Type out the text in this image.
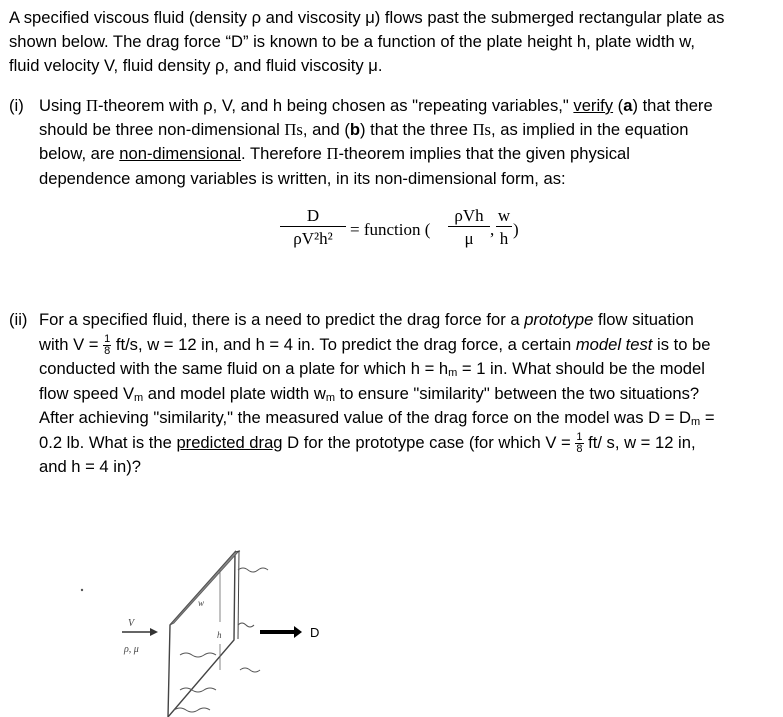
A specified viscous fluid (density ρ and viscosity μ) flows past the submerged rectangular plate as
shown below. The drag force “D” is known to be a function of the plate height h, plate width w,
fluid velocity V, fluid density ρ, and fluid viscosity μ.
(i) Using Π-theorem with ρ, V, and h being chosen as "repeating variables," verify (a) that there
should be three non-dimensional Πs, and (b) that the three Πs, as implied in the equation
below, are non-dimensional. Therefore Π-theorem implies that the given physical
dependence among variables is written, in its non-dimensional form, as:
$\frac{D}{\text{ρV²h²}}$ = function (
ρVh
μ , $\frac{w}{h}$ )
(ii) For a specified fluid, there is a need to predict the drag force for a prototype flow situation
with $V = \frac{1}{8} ft/s$, w = 12 in, and h = 4 in. To predict the drag force, a certain model test is to be
conducted with the same fluid on a plate for which $h = h_m = 1$ in. What should be the model
flow speed $V_m$ and model plate width $w_m$ to ensure "similarity" between the two situations?
After achieving "similarity," the measured value of the drag force on the model was $D = D_m$ =
0.2 lb. What is the predicted drag D for the prototype case (for which $V = \frac{1}{8} ft/$ s, w = 12 in,
and h = 4 in)?
w
h	D
V
ρ, μ
